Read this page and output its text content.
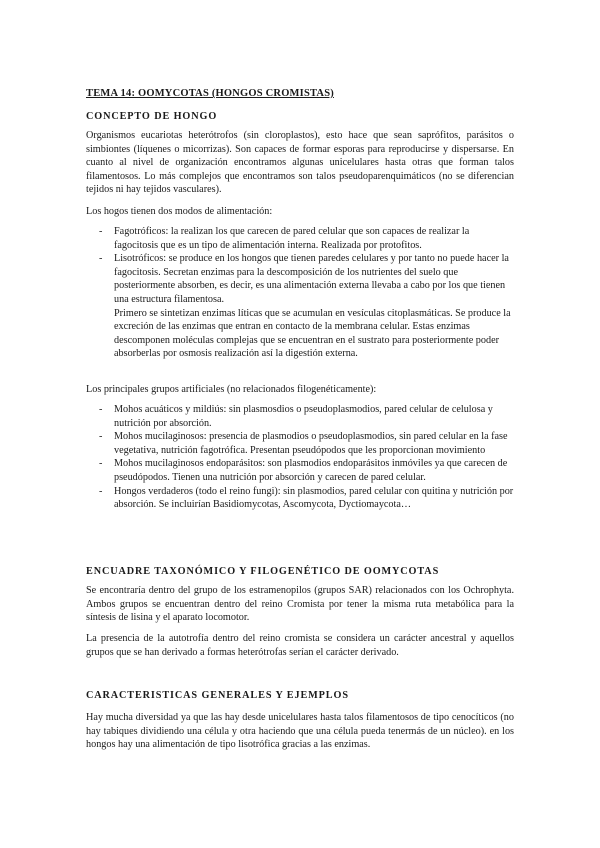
TEMA 14: OOMYCOTAS (HONGOS CROMISTAS)
CONCEPTO DE HONGO

Organismos eucariotas heterótrofos (sin cloroplastos), esto hace que sean saprófitos, parásitos o simbiontes (líquenes o micorrizas). Son capaces de formar esporas para reproducirse y dispersarse. En cuanto al nivel de organización encontramos algunas unicelulares hasta otras que forman talos filamentosos. Lo más complejos que encontramos son talos pseudoparenquimáticos (no se diferencian tejidos ni hay tejidos vasculares).

Los hogos tienen dos modos de alimentación:

- Fagotróficos: la realizan los que carecen de pared celular que son capaces de realizar la fagocitosis que es un tipo de alimentación interna. Realizada por protofitos.
- Lisotróficos: se produce en los hongos que tienen paredes celulares y por tanto no puede hacer la fagocitosis. Secretan enzimas para la descomposición de los nutrientes del suelo que posteriormente absorben, es decir, es una alimentación externa llevaba a cabo por los que tienen una estructura filamentosa.
Primero se sintetizan enzimas líticas que se acumulan en vesículas citoplasmáticas. Se produce la excreción de las enzimas que entran en contacto de la membrana celular. Estas enzimas descomponen moléculas complejas que se encuentran en el sustrato para posteriormente poder absorberlas por osmosis realización así la digestión externa.

Los principales grupos artificiales (no relacionados filogenéticamente):

- Mohos acuáticos y mildiús: sin plasmosdios o pseudoplasmodios, pared celular de celulosa y nutrición por absorción.
- Mohos mucilaginosos: presencia de plasmodios o pseudoplasmodios, sin pared celular en la fase vegetativa, nutrición fagotrófica. Presentan pseudópodos que les proporcionan movimiento
- Mohos mucilaginosos endoparásitos: son plasmodios endoparásitos inmóviles ya que carecen de pseudópodos. Tienen una nutrición por absorción y carecen de pared celular.
- Hongos verdaderos (todo el reino fungi): sin plasmodios, pared celular con quitina y nutrición por absorción. Se incluirían Basidiomycotas, Ascomycota, Dyctiomaycota…
ENCUADRE TAXONÓMICO Y FILOGENÉTICO DE OOMYCOTAS

Se encontraría dentro del grupo de los estramenopilos (grupos SAR) relacionados con los Ochrophyta. Ambos grupos se encuentran dentro del reino Cromista por tener la misma ruta metabólica para la síntesis de lisina y el aparato locomotor.

La presencia de la autotrofía dentro del reino cromista se considera un carácter ancestral y aquellos grupos que se han derivado a formas heterótrofas serían el carácter derivado.

CARACTERISTICAS GENERALES Y EJEMPLOS

Hay mucha diversidad ya que las hay desde unicelulares hasta talos filamentosos de tipo cenocíticos (no hay tabiques dividiendo una célula y otra haciendo que una célula pueda tenermás de un núcleo). en los hongos hay una alimentación de tipo lisotrófica gracias a las enzimas.
